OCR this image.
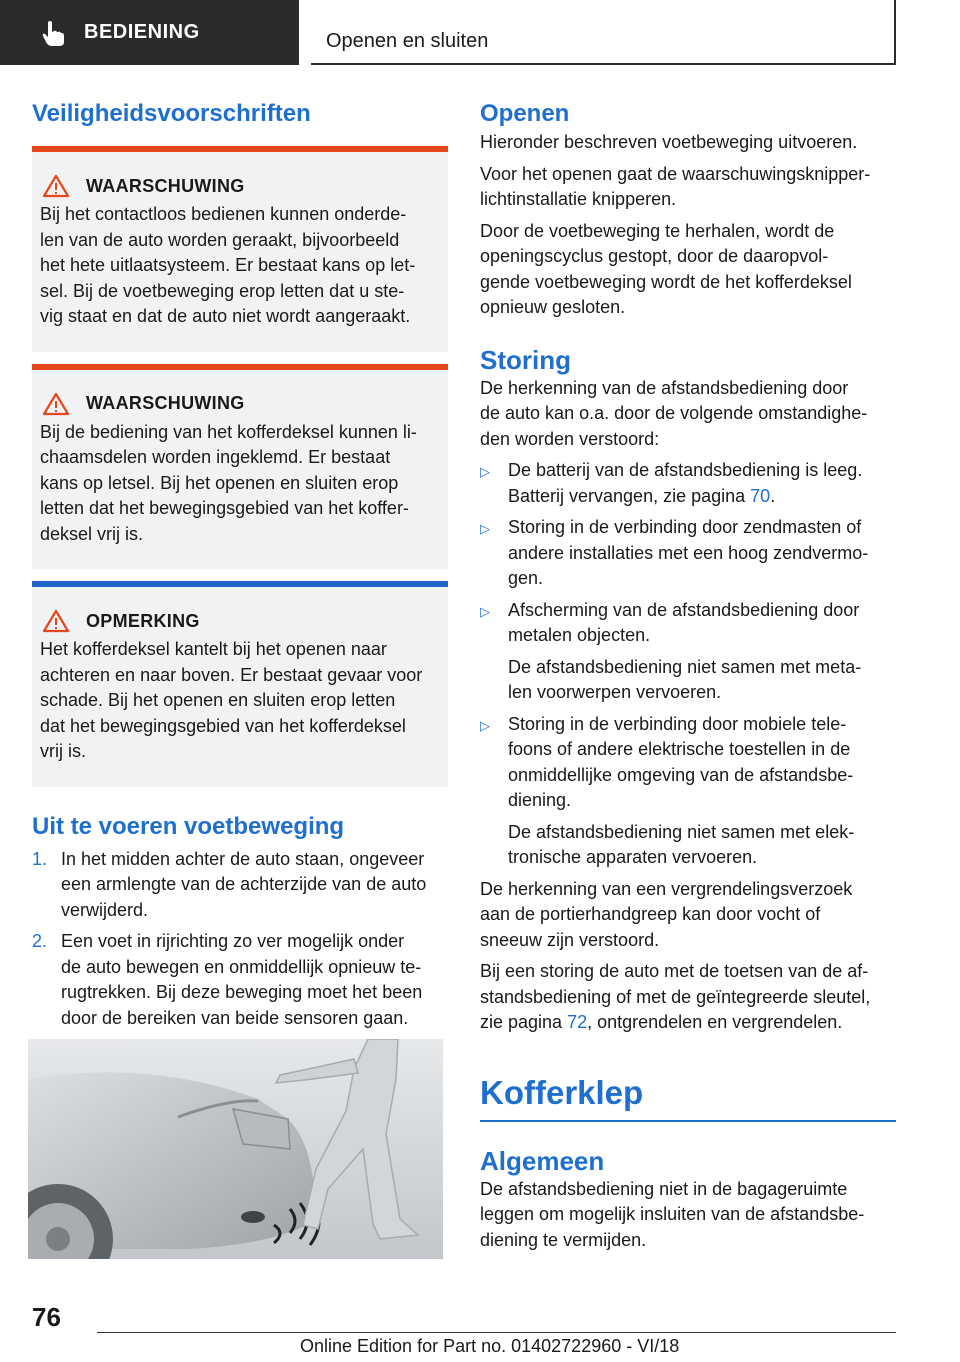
BEDIENING	Openen en sluiten
Veiligheidsvoorschriften
WAARSCHUWING

Bij het contactloos bedienen kunnen onderde-

len van de auto worden geraakt, bijvoorbeeld

het hete uitlaatsysteem. Er bestaat kans op let-

sel. Bij de voetbeweging erop letten dat u ste-

vig staat en dat de auto niet wordt aangeraakt.

WAARSCHUWING

Bij de bediening van het kofferdeksel kunnen li-

chaamsdelen worden ingeklemd. Er bestaat

kans op letsel. Bij het openen en sluiten erop

letten dat het bewegingsgebied van het koffer-

deksel vrij is.

OPMERKING

Het kofferdeksel kantelt bij het openen naar

achteren en naar boven. Er bestaat gevaar voor

schade. Bij het openen en sluiten erop letten

dat het bewegingsgebied van het kofferdeksel

vrij is.

Uit te voeren voetbeweging
1. In het midden achter de auto staan, ongeveer

een armlengte van de achterzijde van de auto

verwijderd.

2. Een voet in rijrichting zo ver mogelijk onder

de auto bewegen en onmiddellijk opnieuw te-

rugtrekken. Bij deze beweging moet het been

door de bereiken van beide sensoren gaan.

Openen

Hieronder beschreven voetbeweging uitvoeren.

Voor het openen gaat de waarschuwingsknipper-

lichtinstallatie knipperen.

Door de voetbeweging te herhalen, wordt de

openingscyclus gestopt, door de daaropvol-

gende voetbeweging wordt de het kofferdeksel

opnieuw gesloten.

Storing

De herkenning van de afstandsbediening door

de auto kan o.a. door de volgende omstandighe-

den worden verstoord:

▷	De batterij van de afstandsbediening is leeg.

Batterij vervangen, zie pagina 70.

▷	Storing in de verbinding door zendmasten of

andere installaties met een hoog zendvermo-

gen.

▷	Afscherming van de afstandsbediening door

metalen objecten.

De afstandsbediening niet samen met meta-

len voorwerpen vervoeren.

▷	Storing in de verbinding door mobiele tele-

foons of andere elektrische toestellen in de

onmiddellijke omgeving van de afstandsbe-

diening.

De afstandsbediening niet samen met elek-

tronische apparaten vervoeren.

De herkenning van een vergrendelingsverzoek

aan de portierhandgreep kan door vocht of

sneeuw zijn verstoord.

Bij een storing de auto met de toetsen van de af-

standsbediening of met de geïntegreerde sleutel,

zie pagina 72, ontgrendelen en vergrendelen.

Kofferklep
Algemeen

De afstandsbediening niet in de bagageruimte

leggen om mogelijk insluiten van de afstandsbe-

diening te vermijden.

76
Online Edition for Part no. 01402722960 - VI/18
